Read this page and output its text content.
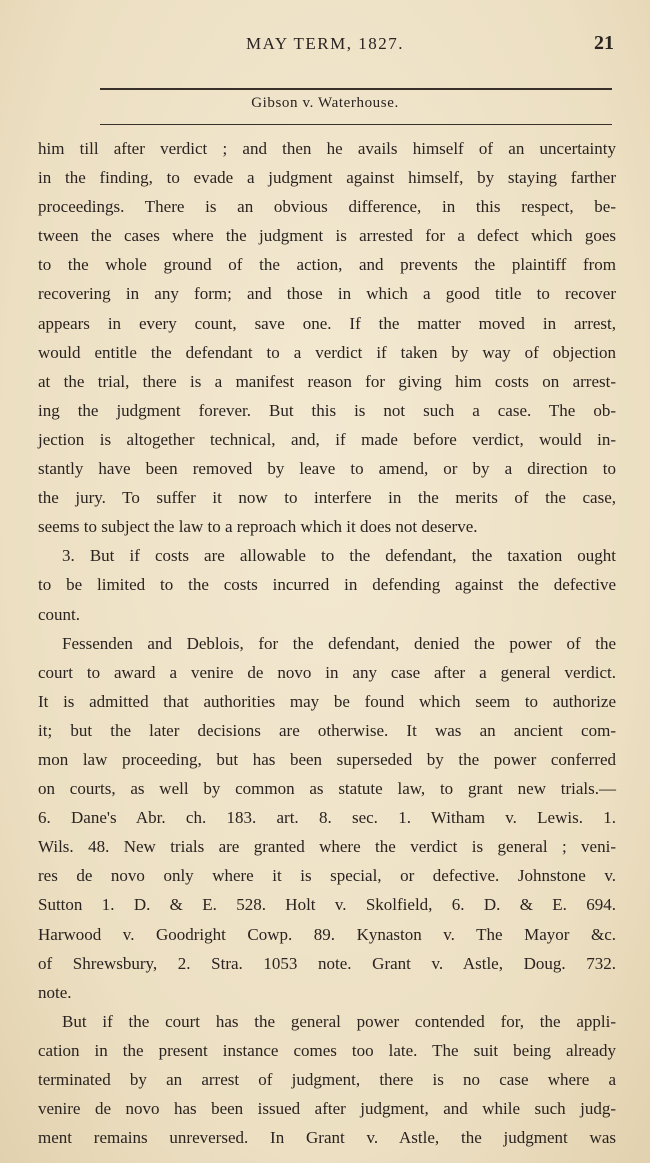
MAY TERM, 1827.	21
Gibson v. Waterhouse.
him till after verdict ; and then he avails himself of an uncertainty
in the finding, to evade a judgment against himself, by staying farther
proceedings. There is an obvious difference, in this respect, be-
tween the cases where the judgment is arrested for a defect which goes
to the whole ground of the action, and prevents the plaintiff from
recovering in any form; and those in which a good title to recover
appears in every count, save one. If the matter moved in arrest,
would entitle the defendant to a verdict if taken by way of objection
at the trial, there is a manifest reason for giving him costs on arrest-
ing the judgment forever. But this is not such a case. The ob-
jection is altogether technical, and, if made before verdict, would in-
stantly have been removed by leave to amend, or by a direction to
the jury. To suffer it now to interfere in the merits of the case,
seems to subject the law to a reproach which it does not deserve.
3. But if costs are allowable to the defendant, the taxation ought
to be limited to the costs incurred in defending against the defective
count.
Fessenden and Deblois, for the defendant, denied the power of the
court to award a venire de novo in any case after a general verdict.
It is admitted that authorities may be found which seem to authorize
it; but the later decisions are otherwise. It was an ancient com-
mon law proceeding, but has been superseded by the power conferred
on courts, as well by common as statute law, to grant new trials.—
6. Dane's Abr. ch. 183. art. 8. sec. 1. Witham v. Lewis. 1.
Wils. 48. New trials are granted where the verdict is general ; veni-
res de novo only where it is special, or defective. Johnstone v.
Sutton 1. D. & E. 528. Holt v. Skolfield, 6. D. & E. 694.
Harwood v. Goodright Cowp. 89. Kynaston v. The Mayor &c.
of Shrewsbury, 2. Stra. 1053 note. Grant v. Astle, Doug. 732.
note.
But if the court has the general power contended for, the appli-
cation in the present instance comes too late. The suit being already
terminated by an arrest of judgment, there is no case where a
venire de novo has been issued after judgment, and while such judg-
ment remains unreversed. In Grant v. Astle, the judgment was
